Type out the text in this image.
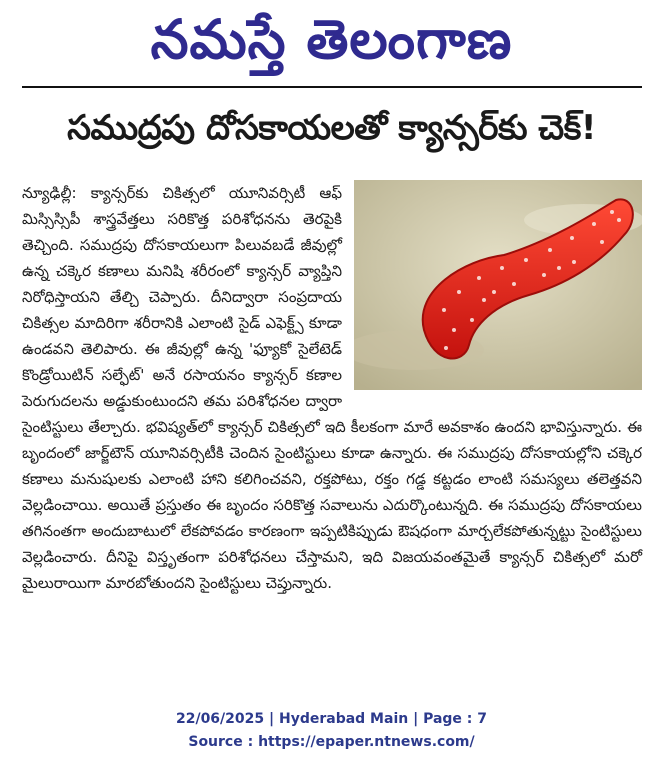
నమస్తే తెలంగాణ
సముద్రపు దోసకాయలతో క్యాన్సర్‌కు చెక్!

న్యూఢిల్లీ: క్యాన్సర్‌కు చికిత్సలో యూనివర్సిటీ ఆఫ్ మిస్సిస్సిపీ శాస్త్రవేత్తలు సరికొత్త పరిశోధనను తెరపైకి తెచ్చింది. సముద్రపు దోసకాయలుగా పిలువబడే జీవుల్లో ఉన్న చక్కెర కణాలు మనిషి శరీరంలో క్యాన్సర్ వ్యాప్తిని నిరోధిస్తాయని తేల్చి చెప్పారు. దీనిద్వారా సంప్రదాయ చికిత్సల మాదిరిగా శరీరానికి ఎలాంటి సైడ్ ఎఫెక్ట్స్ కూడా ఉండవని తెలిపారు. ఈ జీవుల్లో ఉన్న 'ఫ్యూకో సైలేటెడ్ కొండ్రోయిటిన్ సల్ఫేట్' అనే రసాయనం క్యాన్సర్ కణాల పెరుగుదలను అడ్డుకుంటుందని తమ పరిశోధనల ద్వారా సైంటిస్టులు తేల్చారు. భవిష్యత్‌లో క్యాన్సర్ చికిత్సలో ఇది కీలకంగా మారే అవకాశం ఉందని భావిస్తున్నారు. ఈ బృందంలో జార్జ్‌టౌన్ యూనివర్సిటీకి చెందిన సైంటిస్టులు కూడా ఉన్నారు. ఈ సముద్రపు దోసకాయల్లోని చక్కెర కణాలు మనుషులకు ఎలాంటి హాని కలిగించవని, రక్తపోటు, రక్తం గడ్డ కట్టడం లాంటి సమస్యలు తలెత్తవని వెల్లడించాయి. అయితే ప్రస్తుతం ఈ బృందం సరికొత్త సవాలును ఎదుర్కొంటున్నది. ఈ సముద్రపు దోసకాయలు తగినంతగా అందుబాటులో లేకపోవడం కారణంగా ఇప్పటికిప్పుడు ఔషధంగా మార్చలేకపోతున్నట్టు సైంటిస్టులు వెల్లడించారు. దీనిపై విస్తృతంగా పరిశోధనలు చేస్తామని, ఇది విజయవంతమైతే క్యాన్సర్ చికిత్సలో మరో మైలురాయిగా మారబోతుందని సైంటిస్టులు చెప్తున్నారు.

22/06/2025 | Hyderabad Main | Page : 7
Source : https://epaper.ntnews.com/
